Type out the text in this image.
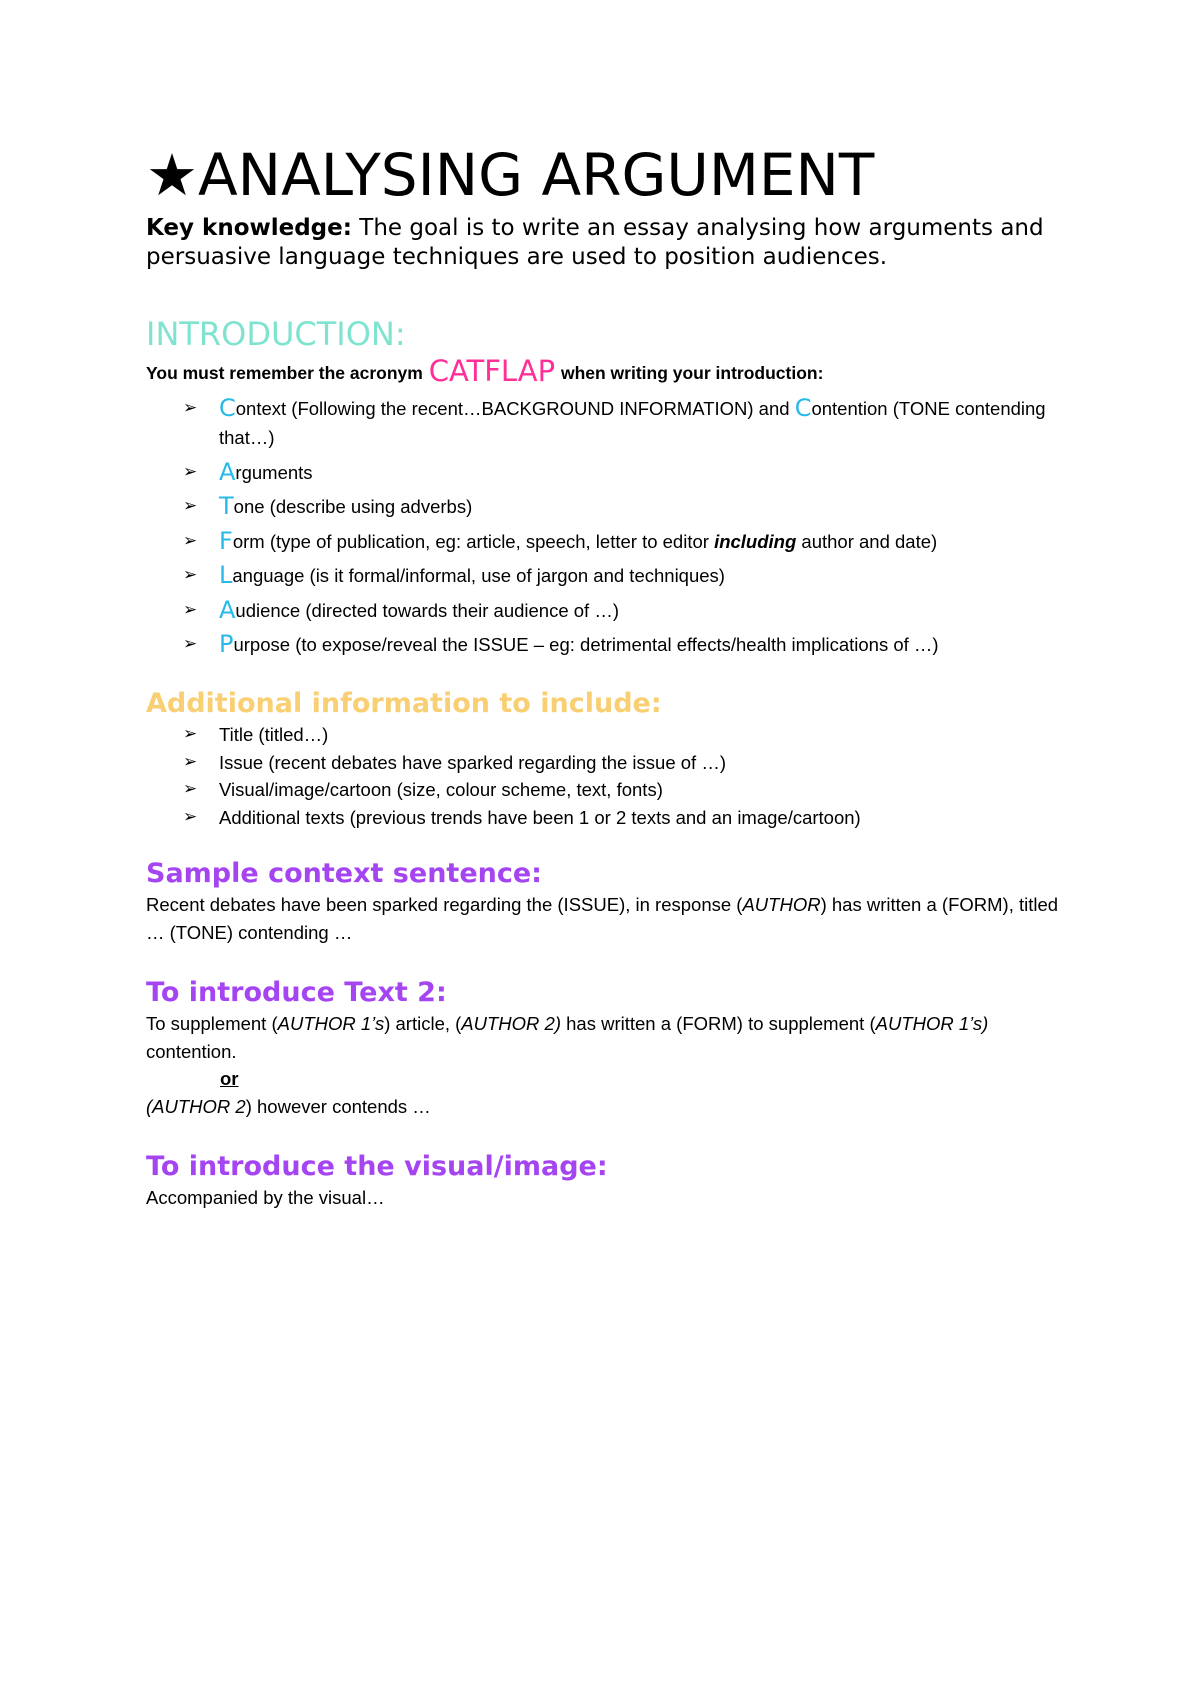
★ANALYSING ARGUMENT

Key knowledge: The goal is to write an essay analysing how arguments and persuasive language techniques are used to position audiences.

INTRODUCTION:

You must remember the acronym CATFLAP when writing your introduction:

➢ Context (Following the recent…BACKGROUND INFORMATION) and Contention (TONE contending that…)
➢ Arguments
➢ Tone (describe using adverbs)
➢ Form (type of publication, eg: article, speech, letter to editor including author and date)
➢ Language (is it formal/informal, use of jargon and techniques)
➢ Audience (directed towards their audience of …)
➢ Purpose (to expose/reveal the ISSUE – eg: detrimental effects/health implications of …)
Additional information to include:
➢ Title (titled…)
➢ Issue (recent debates have sparked regarding the issue of …)
➢ Visual/image/cartoon (size, colour scheme, text, fonts)
➢ Additional texts (previous trends have been 1 or 2 texts and an image/cartoon)
Sample context sentence:

Recent debates have been sparked regarding the (ISSUE), in response (AUTHOR) has written a (FORM), titled … (TONE) contending …

To introduce Text 2:

To supplement (AUTHOR 1’s) article, (AUTHOR 2) has written a (FORM) to supplement (AUTHOR 1’s) contention.

or

(AUTHOR 2) however contends …

To introduce the visual/image:

Accompanied by the visual…
